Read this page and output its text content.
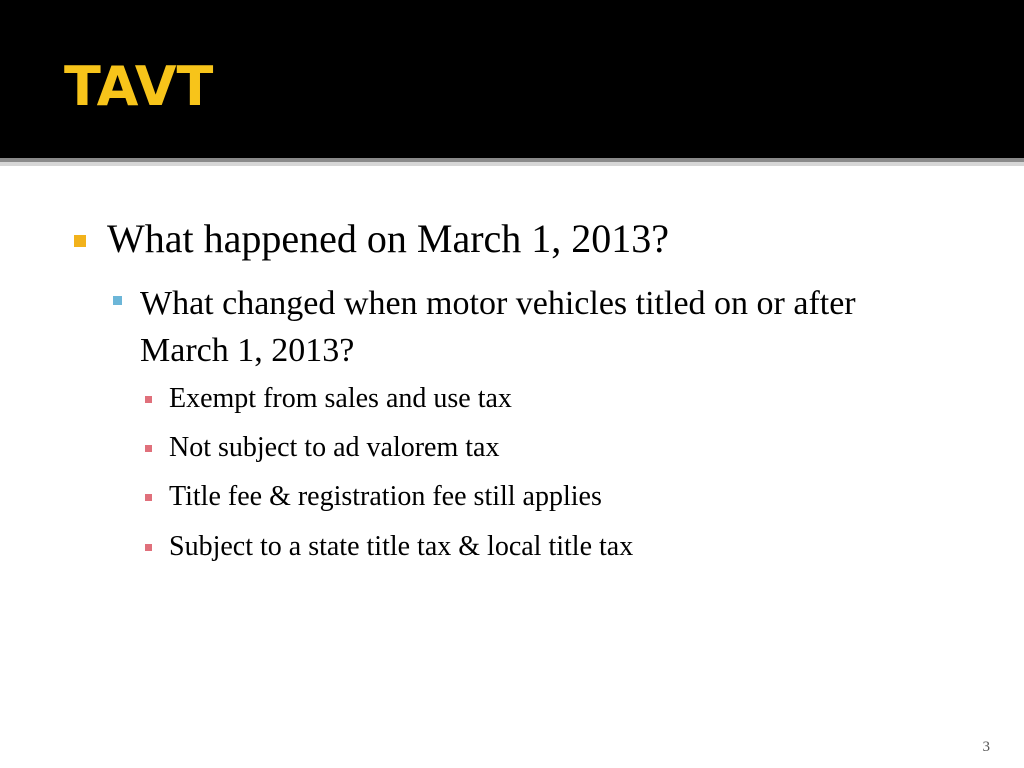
TAVT
What happened on March 1, 2013?
What changed when motor vehicles titled on or after March 1, 2013?
Exempt from sales and use tax
Not subject to ad valorem tax
Title fee & registration fee still applies
Subject to a state title tax & local title tax
3
